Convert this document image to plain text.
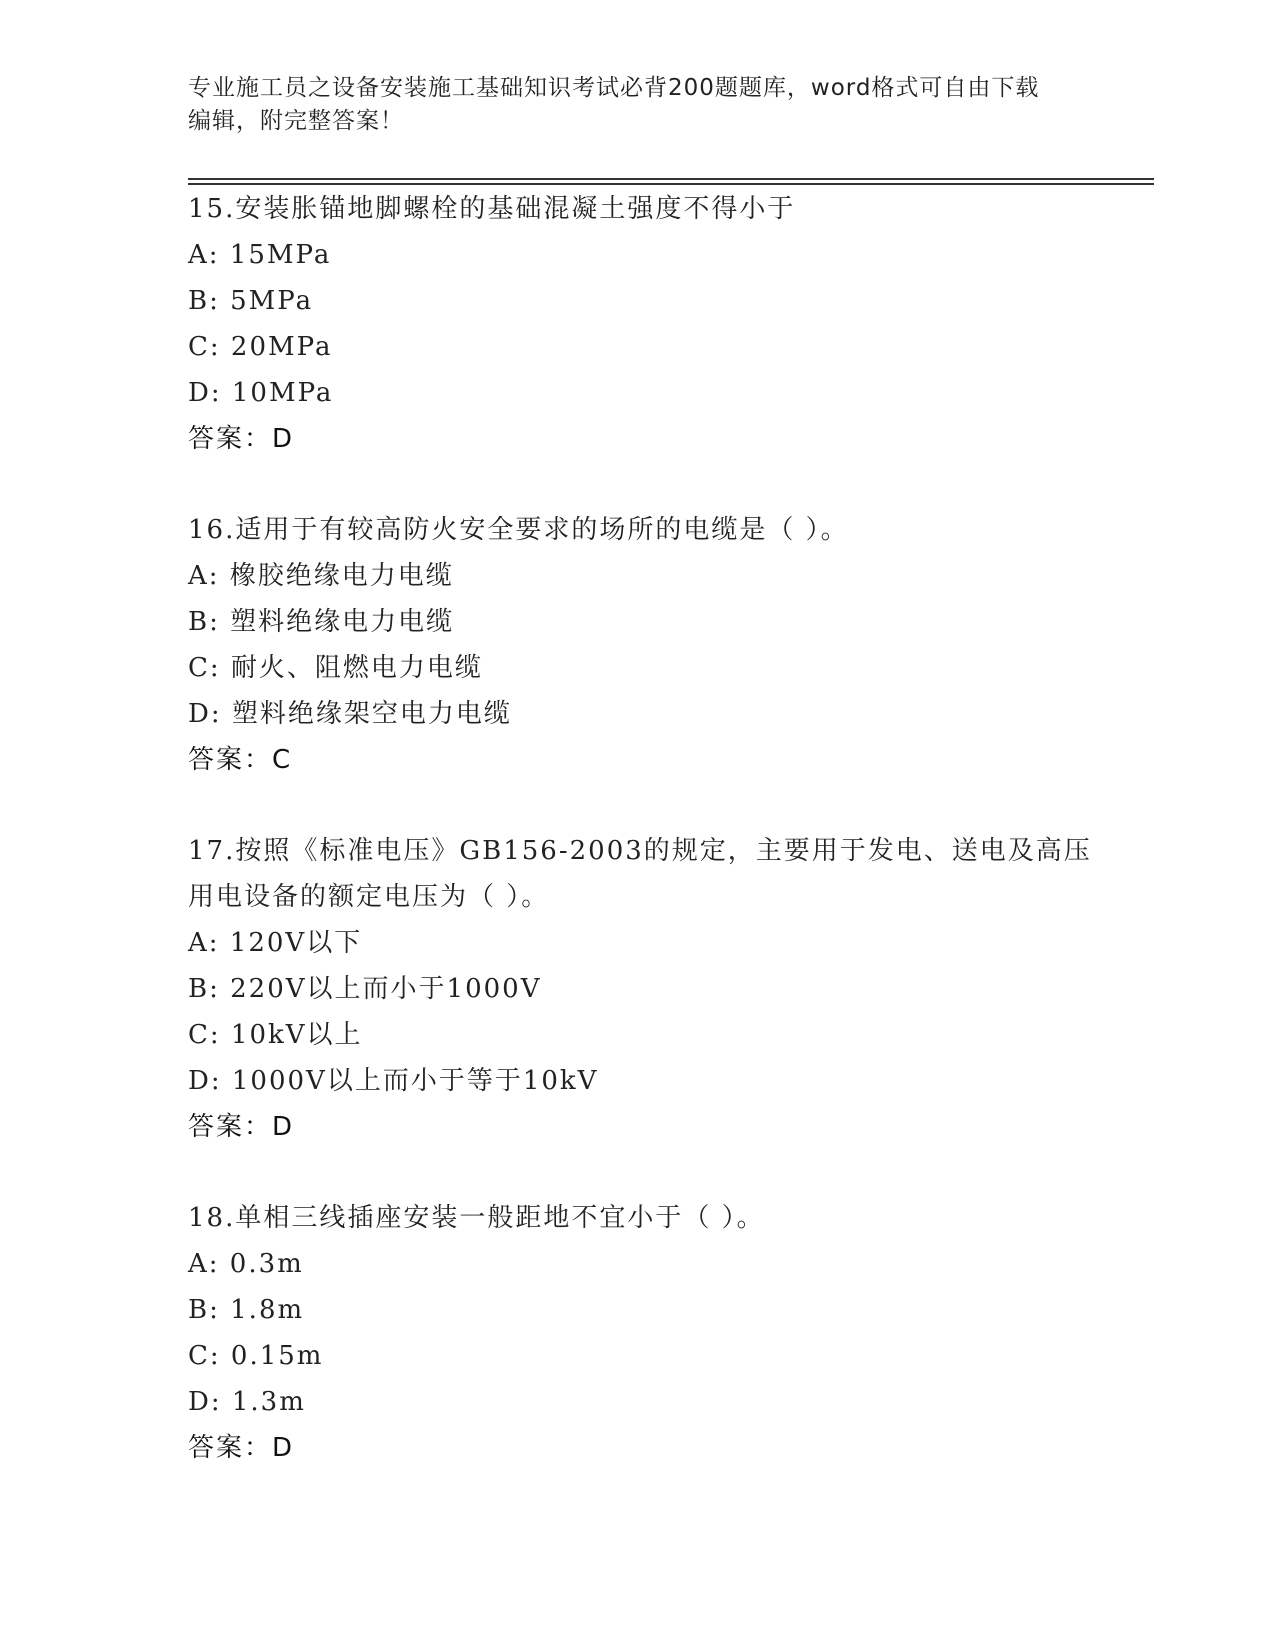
专业施工员之设备安装施工基础知识考试必背200题题库，word格式可自由下载
编辑，附完整答案！
15.安装胀锚地脚螺栓的基础混凝土强度不得小于
A: 15MPa
B: 5MPa
C: 20MPa
D: 10MPa
答案：D
16.适用于有较高防火安全要求的场所的电缆是（ ）。
A: 橡胶绝缘电力电缆
B: 塑料绝缘电力电缆
C: 耐火、阻燃电力电缆
D: 塑料绝缘架空电力电缆
答案：C
17.按照《标准电压》GB156-2003的规定，主要用于发电、送电及高压
用电设备的额定电压为（ ）。
A: 120V以下
B: 220V以上而小于1000V
C: 10kV以上
D: 1000V以上而小于等于10kV
答案：D
18.单相三线插座安装一般距地不宜小于（ ）。
A: 0.3m
B: 1.8m
C: 0.15m
D: 1.3m
答案：D
